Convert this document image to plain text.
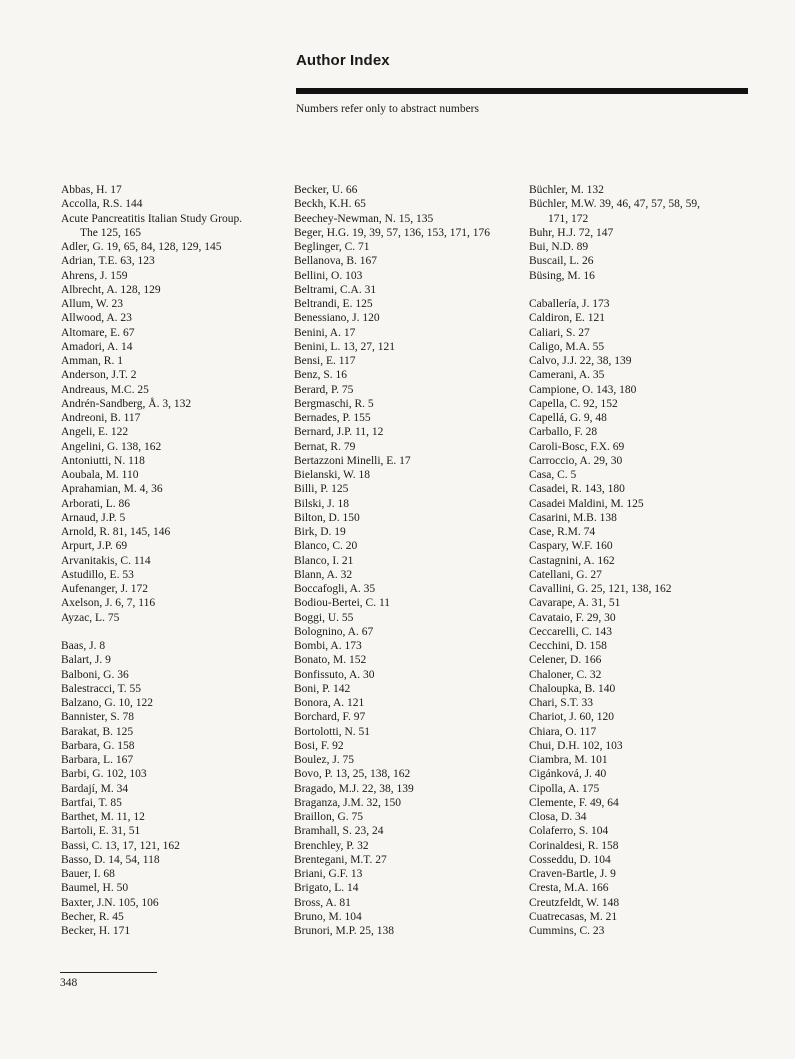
Author Index
Numbers refer only to abstract numbers
Abbas, H. 17
Accolla, R.S. 144
Acute Pancreatitis Italian Study Group.
The 125, 165
Adler, G. 19, 65, 84, 128, 129, 145
Adrian, T.E. 63, 123
Ahrens, J. 159
Albrecht, A. 128, 129
Allum, W. 23
Allwood, A. 23
Altomare, E. 67
Amadori, A. 14
Amman, R. 1
Anderson, J.T. 2
Andreaus, M.C. 25
Andrén-Sandberg, Å. 3, 132
Andreoni, B. 117
Angeli, E. 122
Angelini, G. 138, 162
Antoniutti, N. 118
Aoubala, M. 110
Aprahamian, M. 4, 36
Arborati, L. 86
Arnaud, J.P. 5
Arnold, R. 81, 145, 146
Arpurt, J.P. 69
Arvanitakis, C. 114
Astudillo, E. 53
Aufenanger, J. 172
Axelson, J. 6, 7, 116
Ayzac, L. 75
Baas, J. 8
Balart, J. 9
Balboni, G. 36
Balestracci, T. 55
Balzano, G. 10, 122
Bannister, S. 78
Barakat, B. 125
Barbara, G. 158
Barbara, L. 167
Barbi, G. 102, 103
Bardají, M. 34
Bartfai, T. 85
Barthet, M. 11, 12
Bartoli, E. 31, 51
Bassi, C. 13, 17, 121, 162
Basso, D. 14, 54, 118
Bauer, I. 68
Baumel, H. 50
Baxter, J.N. 105, 106
Becher, R. 45
Becker, H. 171
Becker, U. 66
Beckh, K.H. 65
Beechey-Newman, N. 15, 135
Beger, H.G. 19, 39, 57, 136, 153, 171, 176
Beglinger, C. 71
Bellanova, B. 167
Bellini, O. 103
Beltrami, C.A. 31
Beltrandi, E. 125
Benessiano, J. 120
Benini, A. 17
Benini, L. 13, 27, 121
Bensi, E. 117
Benz, S. 16
Berard, P. 75
Bergmaschi, R. 5
Bernades, P. 155
Bernard, J.P. 11, 12
Bernat, R. 79
Bertazzoni Minelli, E. 17
Bielanski, W. 18
Billi, P. 125
Bilski, J. 18
Bilton, D. 150
Birk, D. 19
Blanco, C. 20
Blanco, I. 21
Blann, A. 32
Boccafogli, A. 35
Bodiou-Bertei, C. 11
Boggi, U. 55
Bolognino, A. 67
Bombi, A. 173
Bonato, M. 152
Bonfissuto, A. 30
Boni, P. 142
Bonora, A. 121
Borchard, F. 97
Bortolotti, N. 51
Bosi, F. 92
Boulez, J. 75
Bovo, P. 13, 25, 138, 162
Bragado, M.J. 22, 38, 139
Braganza, J.M. 32, 150
Braillon, G. 75
Bramhall, S. 23, 24
Brenchley, P. 32
Brentegani, M.T. 27
Briani, G.F. 13
Brigato, L. 14
Bross, A. 81
Bruno, M. 104
Brunori, M.P. 25, 138
Büchler, M. 132
Büchler, M.W. 39, 46, 47, 57, 58, 59,
171, 172
Buhr, H.J. 72, 147
Bui, N.D. 89
Buscail, L. 26
Büsing, M. 16
Caballería, J. 173
Caldiron, E. 121
Caliari, S. 27
Caligo, M.A. 55
Calvo, J.J. 22, 38, 139
Camerani, A. 35
Campione, O. 143, 180
Capella, C. 92, 152
Capellá, G. 9, 48
Carballo, F. 28
Caroli-Bosc, F.X. 69
Carroccio, A. 29, 30
Casa, C. 5
Casadei, R. 143, 180
Casadei Maldini, M. 125
Casarini, M.B. 138
Case, R.M. 74
Caspary, W.F. 160
Castagnini, A. 162
Catellani, G. 27
Cavallini, G. 25, 121, 138, 162
Cavarape, A. 31, 51
Cavataio, F. 29, 30
Ceccarelli, C. 143
Cecchini, D. 158
Celener, D. 166
Chaloner, C. 32
Chaloupka, B. 140
Chari, S.T. 33
Chariot, J. 60, 120
Chiara, O. 117
Chui, D.H. 102, 103
Ciambra, M. 101
Cigánková, J. 40
Cipolla, A. 175
Clemente, F. 49, 64
Closa, D. 34
Colaferro, S. 104
Corinaldesi, R. 158
Cosseddu, D. 104
Craven-Bartle, J. 9
Cresta, M.A. 166
Creutzfeldt, W. 148
Cuatrecasas, M. 21
Cummins, C. 23
348
